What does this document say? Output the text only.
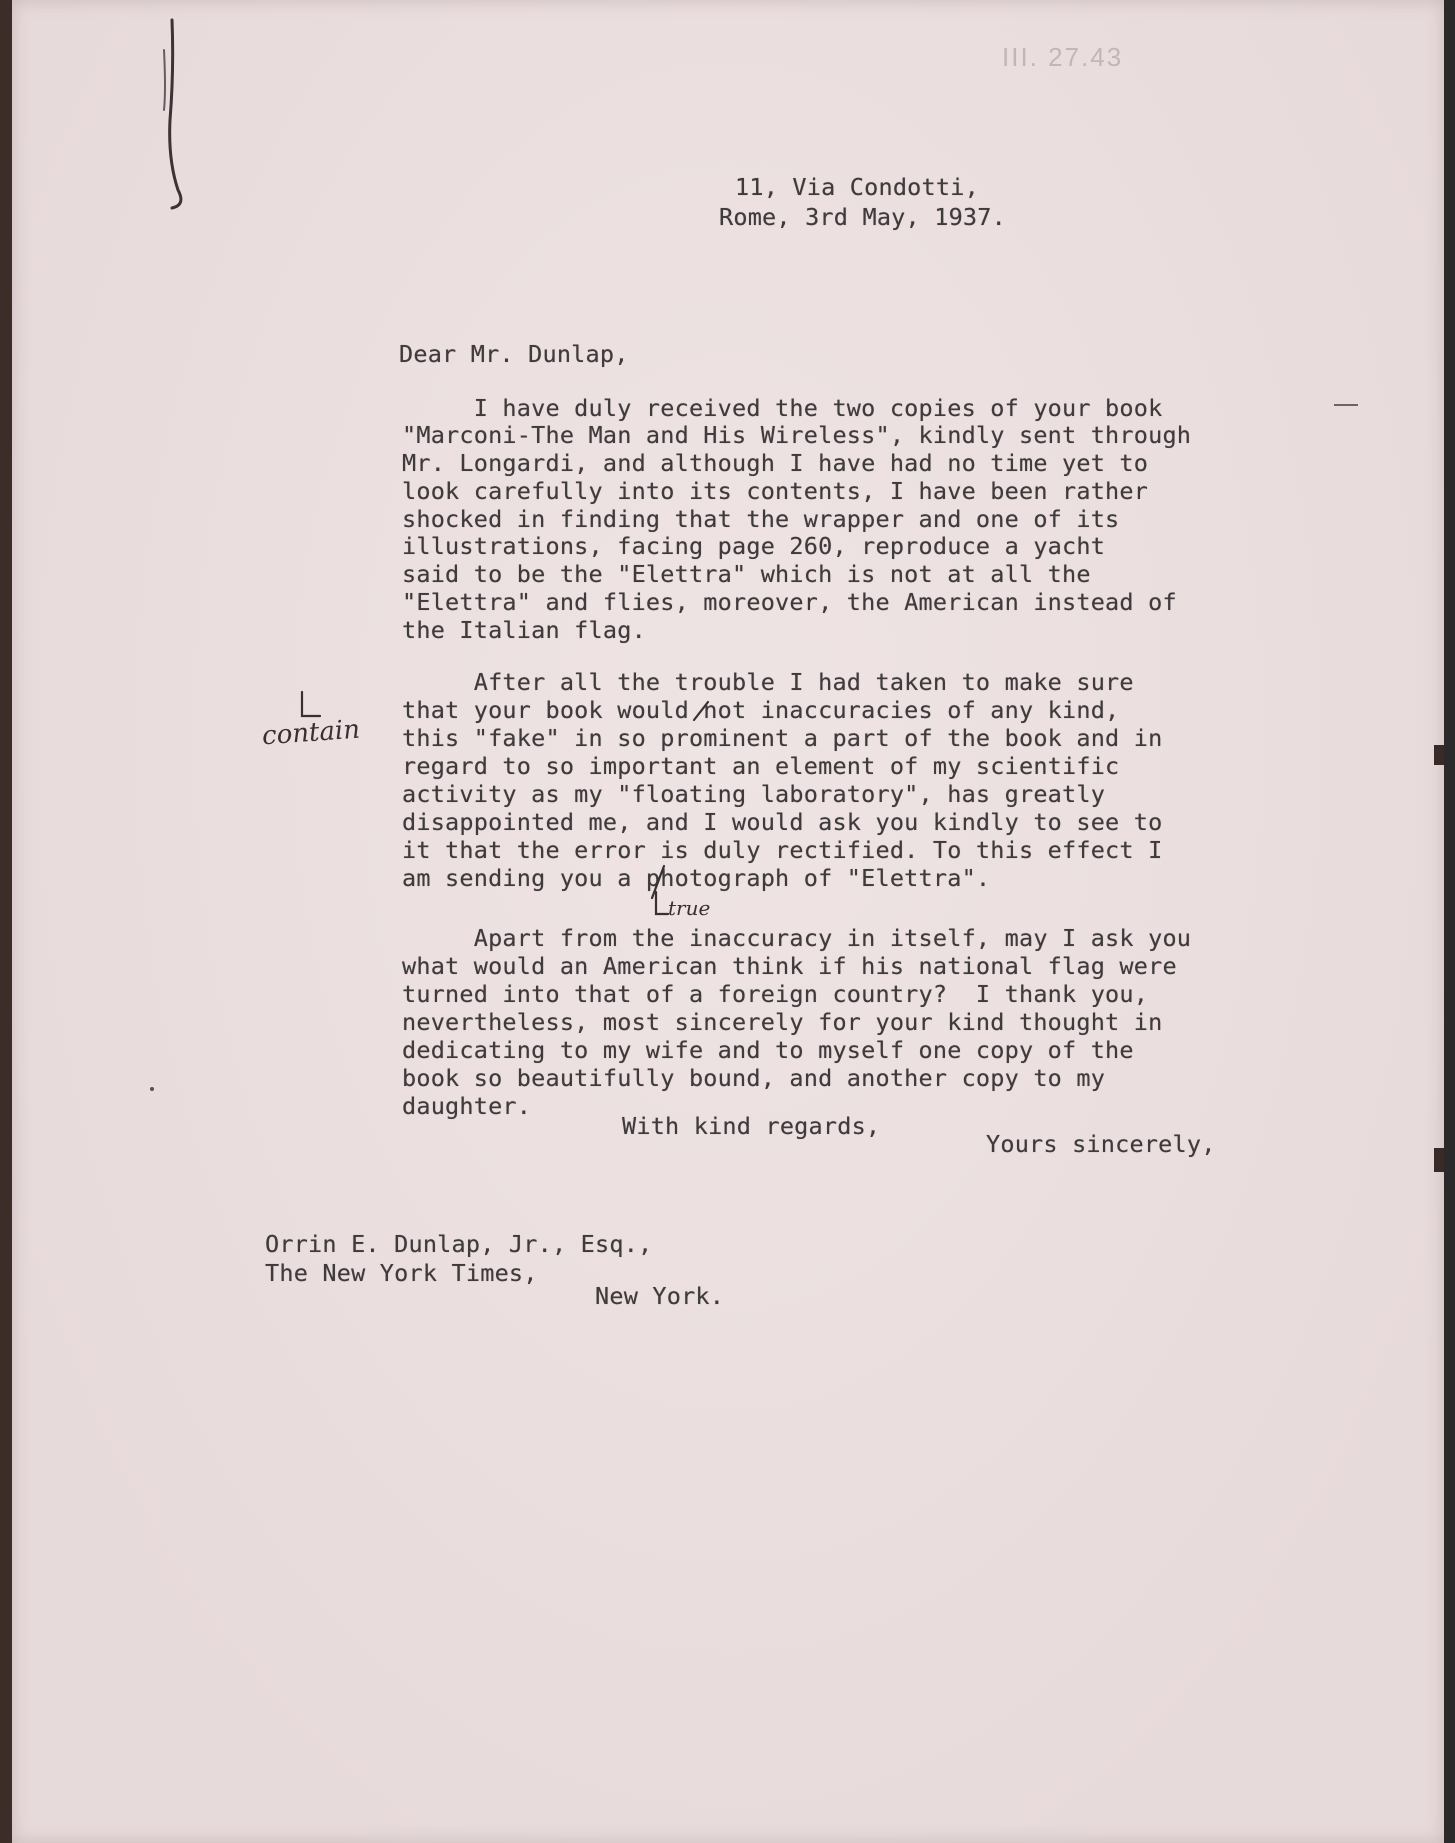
III. 27.43
11, Via Condotti,
Rome, 3rd May, 1937.
Dear Mr. Dunlap,
I have duly received the two copies of your book
"Marconi-The Man and His Wireless", kindly sent through
Mr. Longardi, and although I have had no time yet to
look carefully into its contents, I have been rather
shocked in finding that the wrapper and one of its
illustrations, facing page 260, reproduce a yacht
said to be the "Elettra" which is not at all the
"Elettra" and flies, moreover, the American instead of
the Italian flag.
After all the trouble I had taken to make sure
that your book would not inaccuracies of any kind,
this "fake" in so prominent a part of the book and in
regard to so important an element of my scientific
activity as my "floating laboratory", has greatly
disappointed me, and I would ask you kindly to see to
it that the error is duly rectified. To this effect I
am sending you a photograph of "Elettra".
contain
true
Apart from the inaccuracy in itself, may I ask you
what would an American think if his national flag were
turned into that of a foreign country?  I thank you,
nevertheless, most sincerely for your kind thought in
dedicating to my wife and to myself one copy of the
book so beautifully bound, and another copy to my
daughter.
With kind regards,
Yours sincerely,
Orrin E. Dunlap, Jr., Esq.,
The New York Times,
New York.
